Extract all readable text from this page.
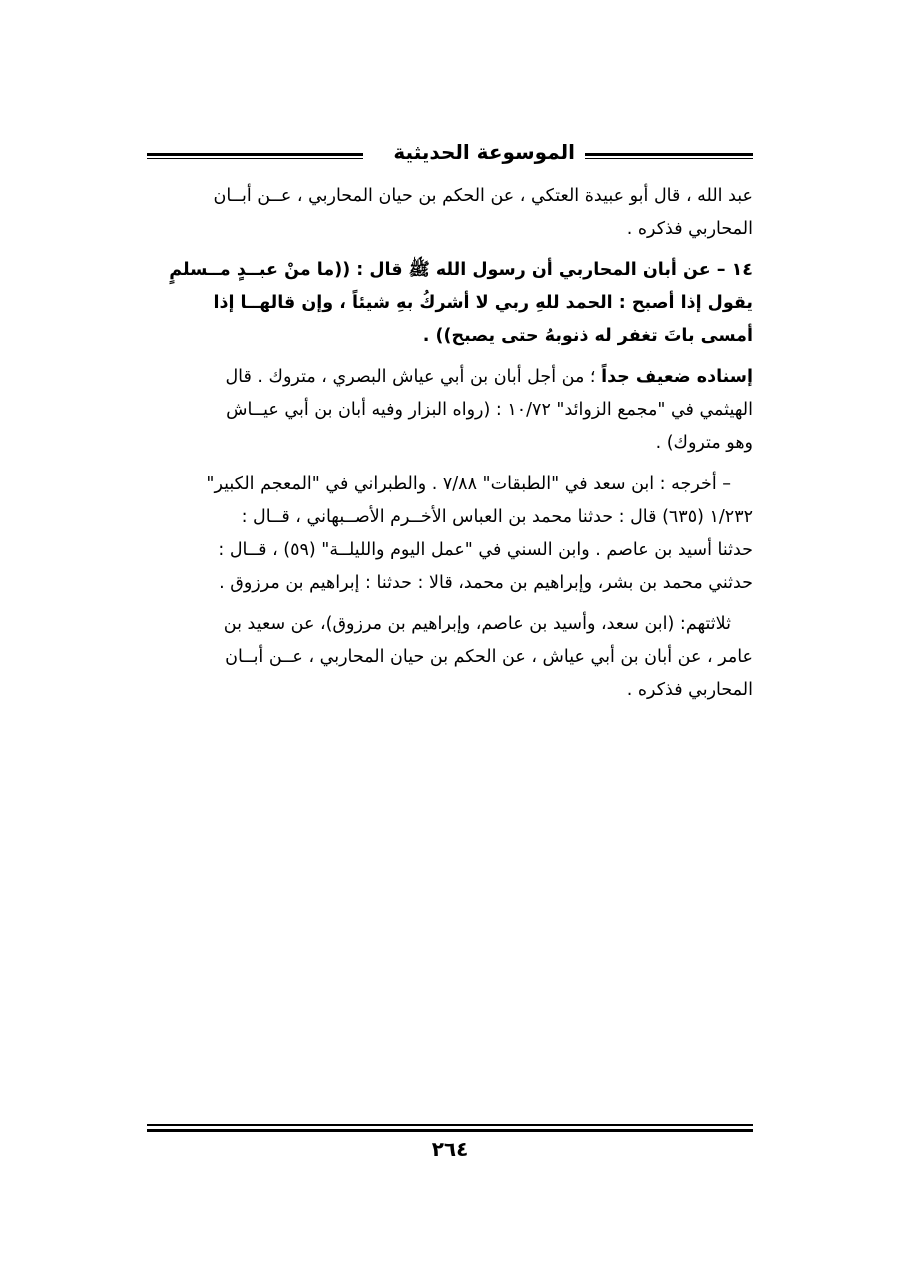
الموسوعة الحديثية

عبد الله ، قال أبو عبيدة العتكي ، عن الحكم بن حيان المحاربي ، عــن أبــان
المحاربي فذكره .

١٤ – عن أبان المحاربي أن رسول الله ﷺ قال : ((ما منْ عبــدٍ مــسلمٍ
يقول إذا أصبح : الحمد للهِ ربي لا أشركُ بهِ شيئاً ، وإن قالهــا إذا
أمسى باتَ تغفر له ذنوبهُ حتى يصبح)) .

إسناده ضعيف جداً ؛ من أجل أبان بن أبي عياش البصري ، متروك . قال
الهيثمي في "مجمع الزوائد" ١٠/٧٢ : (رواه البزار وفيه أبان بن أبي عيــاش
وهو متروك) .

– أخرجه : ابن سعد في "الطبقات" ٧/٨٨ . والطبراني في "المعجم الكبير"
١/٢٣٢ (٦٣٥) قال : حدثنا محمد بن العباس الأخــرم الأصــبهاني ، قــال :
حدثنا أسيد بن عاصم . وابن السني في "عمل اليوم والليلــة" (٥٩) ، قــال :
حدثني محمد بن بشر، وإبراهيم بن محمد، قالا : حدثنا : إبراهيم بن مرزوق .

ثلاثتهم: (ابن سعد، وأسيد بن عاصم، وإبراهيم بن مرزوق)، عن سعيد بن
عامر ، عن أبان بن أبي عياش ، عن الحكم بن حيان المحاربي ، عــن أبــان
المحاربي فذكره .

٢٦٤
